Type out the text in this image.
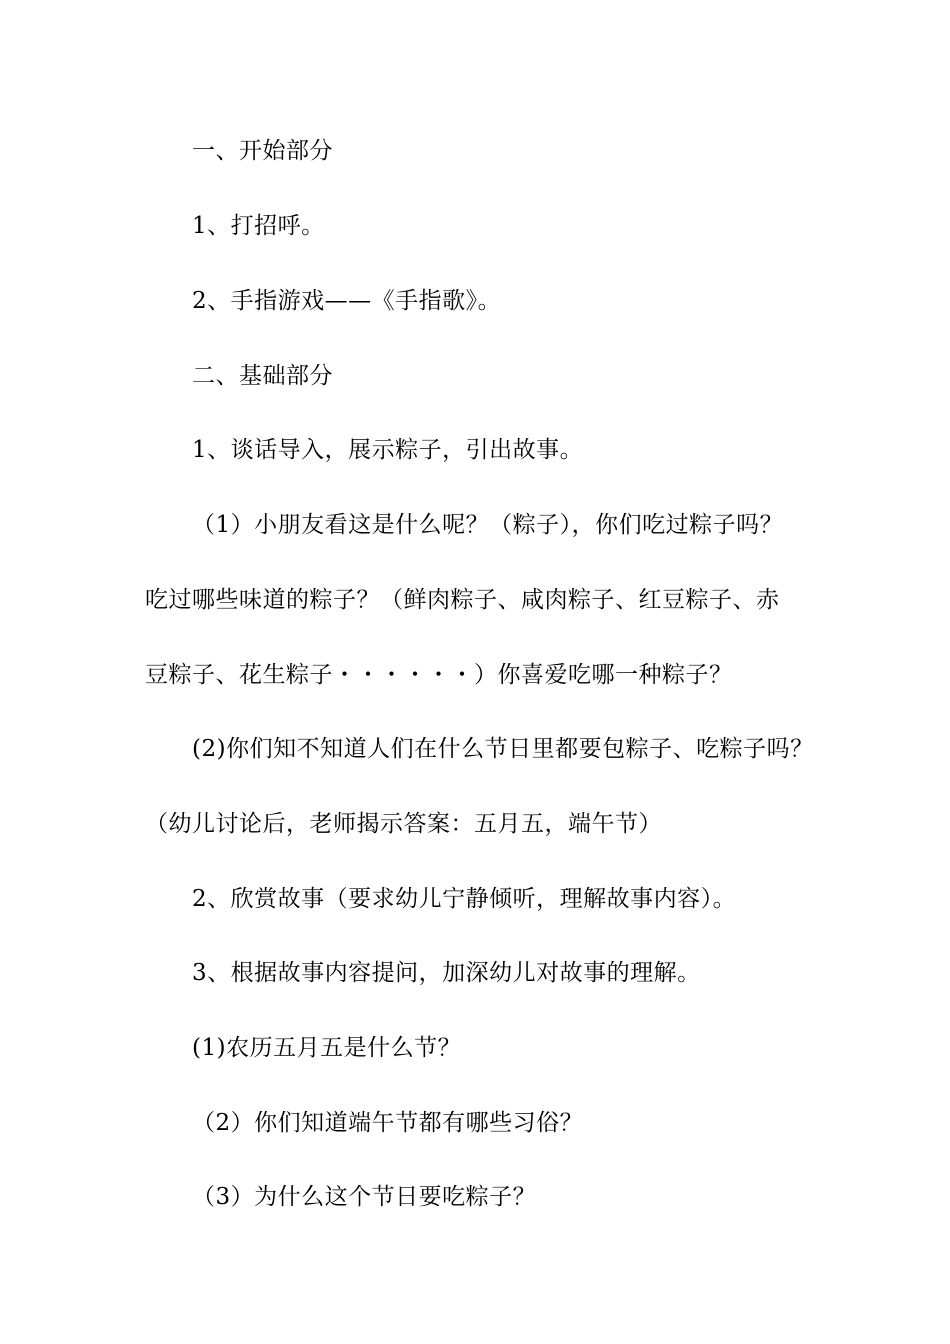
一、开始部分
1、打招呼。
2、手指游戏——《手指歌》。
二、基础部分
1、谈话导入，展示粽子，引出故事。
（1）小朋友看这是什么呢？（粽子），你们吃过粽子吗？
吃过哪些味道的粽子？（鲜肉粽子、咸肉粽子、红豆粽子、赤
豆粽子、花生粽子・・・・・・）你喜爱吃哪一种粽子？
(2)你们知不知道人们在什么节日里都要包粽子、吃粽子吗？
（幼儿讨论后，老师揭示答案：五月五，端午节）
2、欣赏故事（要求幼儿宁静倾听，理解故事内容）。
3、根据故事内容提问，加深幼儿对故事的理解。
(1)农历五月五是什么节？
（2）你们知道端午节都有哪些习俗？
（3）为什么这个节日要吃粽子？
